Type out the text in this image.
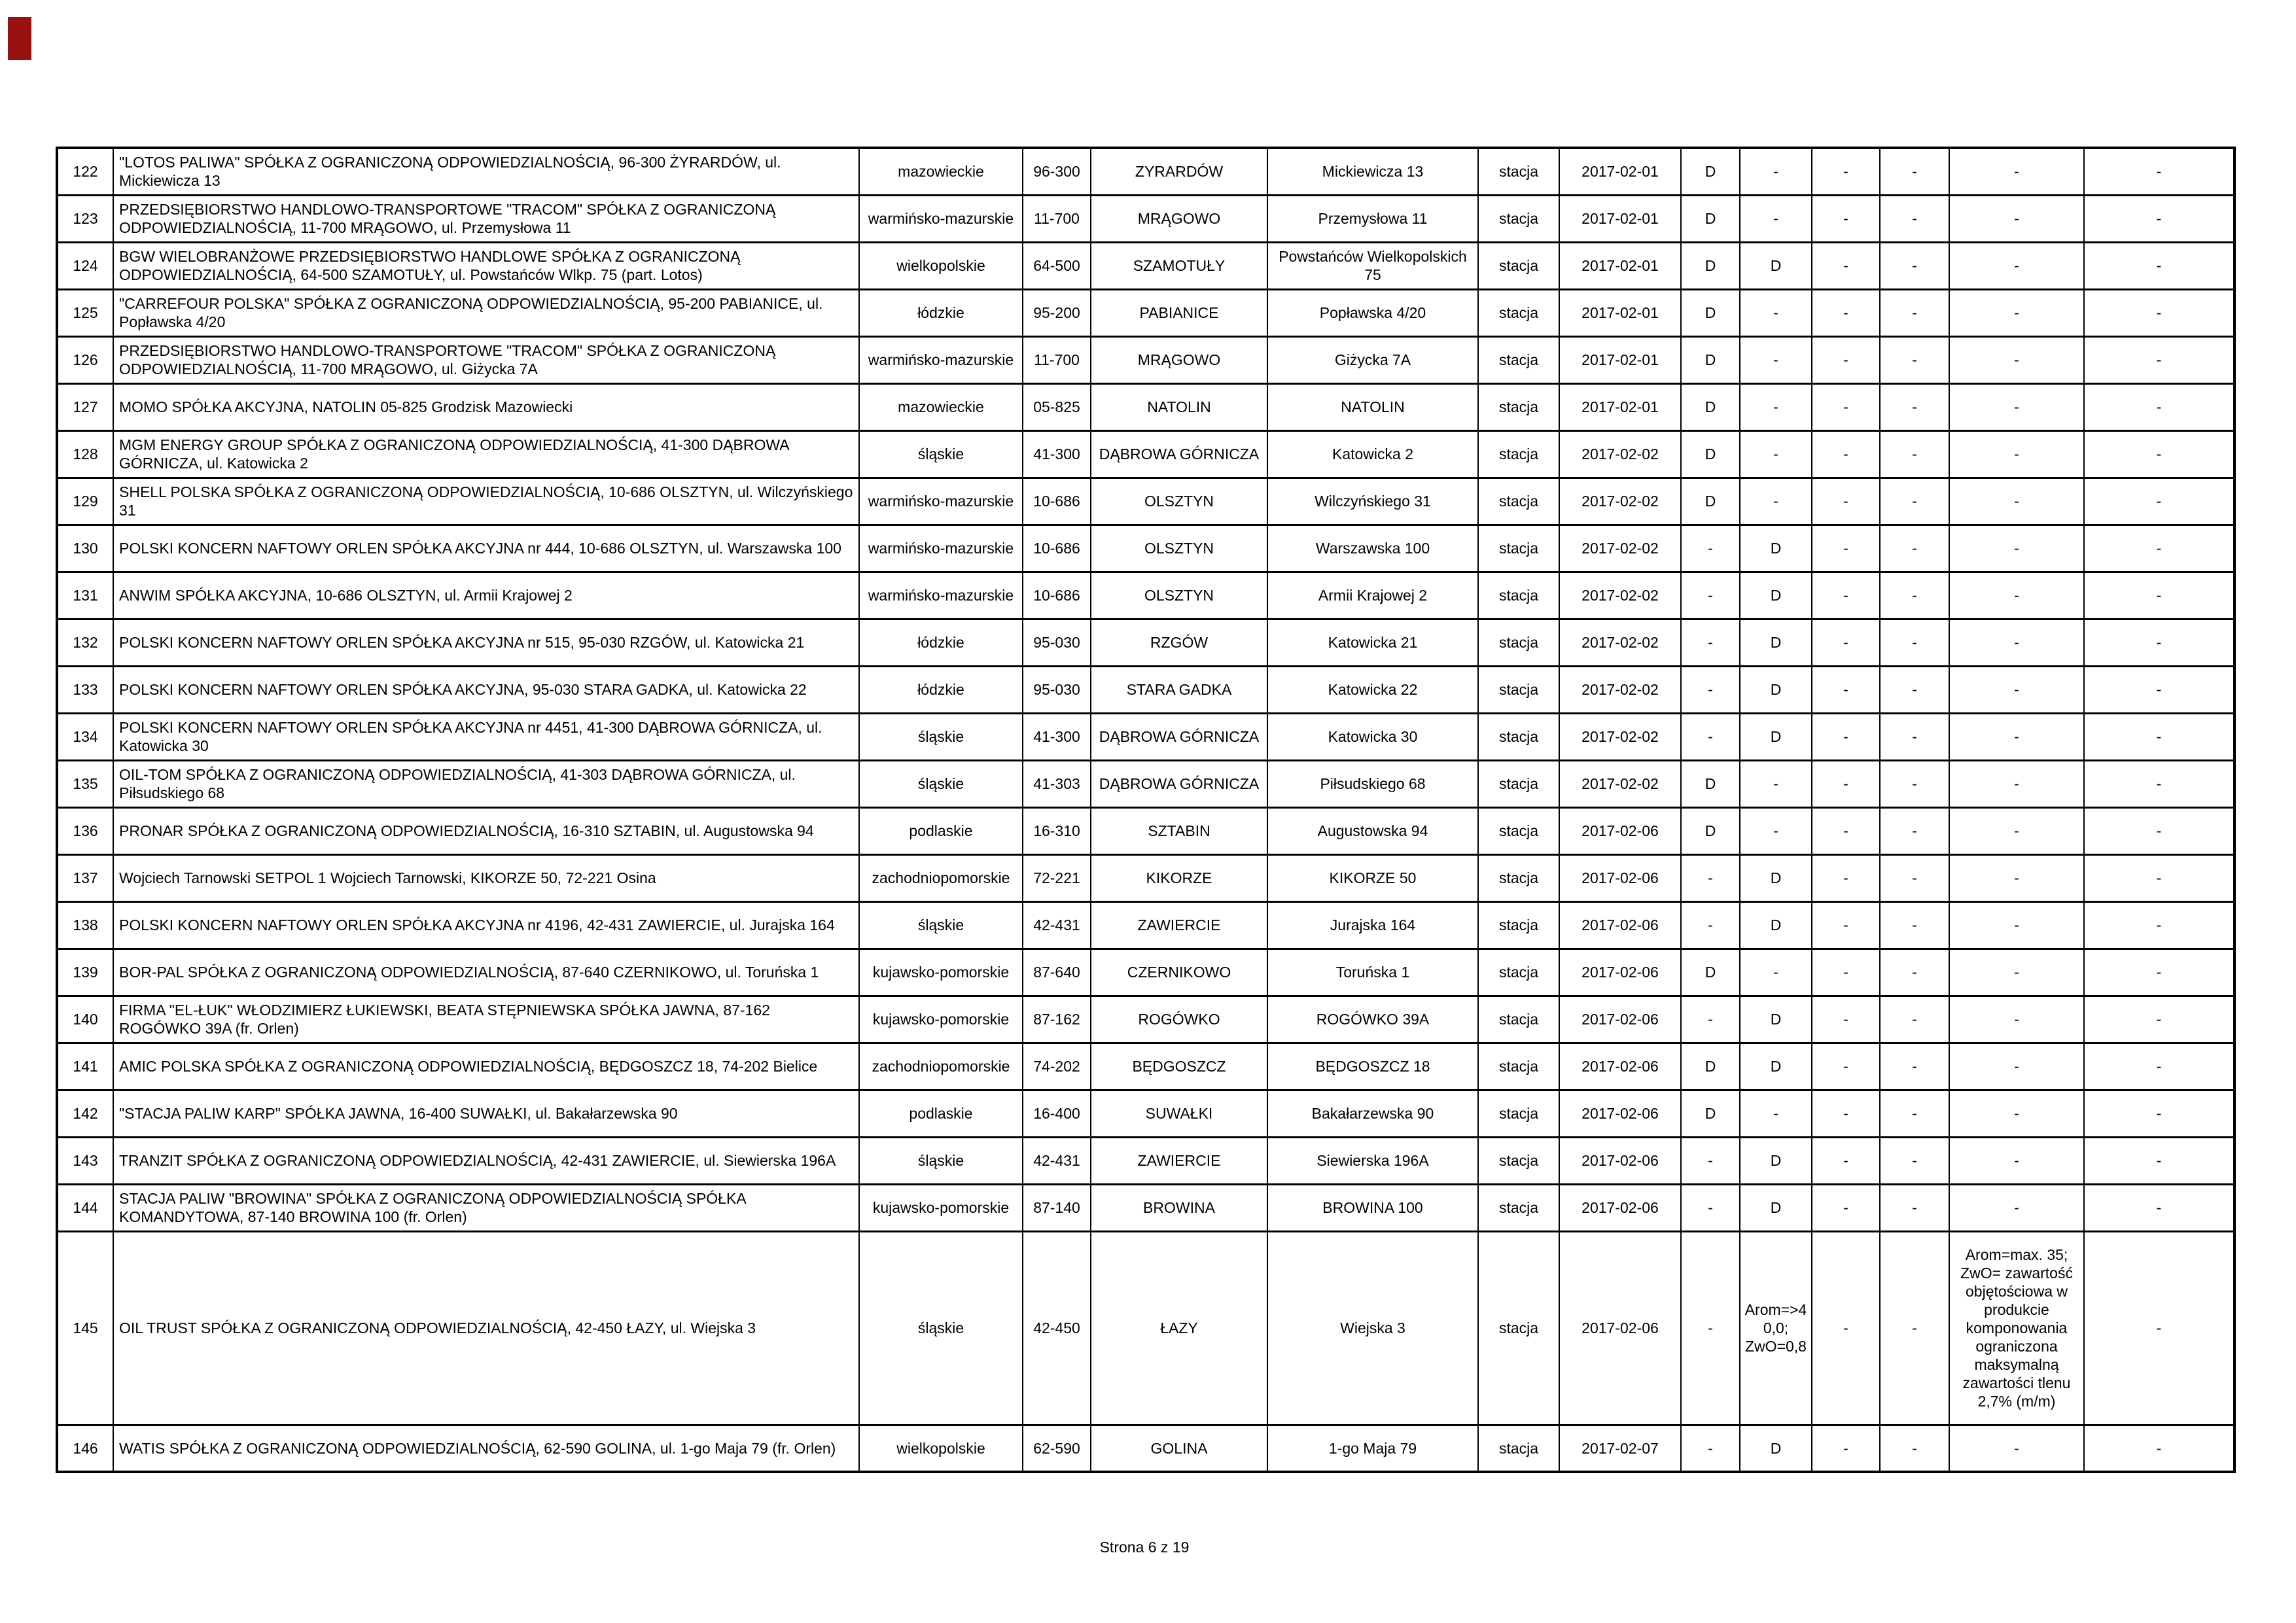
122	"LOTOS PALIWA" SPÓŁKA Z OGRANICZONĄ ODPOWIEDZIALNOŚCIĄ, 96-300 ŻYRARDÓW, ul. Mickiewicza 13	mazowieckie	96-300	ZYRARDÓW	Mickiewicza 13	stacja	2017-02-01	D	-	-	-	-	-
123	PRZEDSIĘBIORSTWO HANDLOWO-TRANSPORTOWE "TRACOM" SPÓŁKA Z OGRANICZONĄ ODPOWIEDZIALNOŚCIĄ, 11-700 MRĄGOWO, ul. Przemysłowa 11	warmińsko-mazurskie	11-700	MRĄGOWO	Przemysłowa 11	stacja	2017-02-01	D	-	-	-	-	-
124	BGW WIELOBRANŻOWE PRZEDSIĘBIORSTWO HANDLOWE SPÓŁKA Z OGRANICZONĄ ODPOWIEDZIALNOŚCIĄ, 64-500 SZAMOTUŁY, ul. Powstańców Wlkp. 75 (part. Lotos)	wielkopolskie	64-500	SZAMOTUŁY	Powstańców Wielkopolskich 75	stacja	2017-02-01	D	D	-	-	-	-
125	"CARREFOUR POLSKA" SPÓŁKA Z OGRANICZONĄ ODPOWIEDZIALNOŚCIĄ, 95-200 PABIANICE, ul. Popławska 4/20	łódzkie	95-200	PABIANICE	Popławska 4/20	stacja	2017-02-01	D	-	-	-	-	-
126	PRZEDSIĘBIORSTWO HANDLOWO-TRANSPORTOWE "TRACOM" SPÓŁKA Z OGRANICZONĄ ODPOWIEDZIALNOŚCIĄ, 11-700 MRĄGOWO, ul. Giżycka 7A	warmińsko-mazurskie	11-700	MRĄGOWO	Giżycka 7A	stacja	2017-02-01	D	-	-	-	-	-
127	MOMO SPÓŁKA AKCYJNA, NATOLIN 05-825 Grodzisk Mazowiecki	mazowieckie	05-825	NATOLIN	NATOLIN	stacja	2017-02-01	D	-	-	-	-	-
128	MGM ENERGY GROUP SPÓŁKA Z OGRANICZONĄ ODPOWIEDZIALNOŚCIĄ, 41-300 DĄBROWA GÓRNICZA, ul. Katowicka 2	śląskie	41-300	DĄBROWA GÓRNICZA	Katowicka 2	stacja	2017-02-02	D	-	-	-	-	-
129	SHELL POLSKA SPÓŁKA Z OGRANICZONĄ ODPOWIEDZIALNOŚCIĄ, 10-686 OLSZTYN, ul. Wilczyńskiego 31	warmińsko-mazurskie	10-686	OLSZTYN	Wilczyńskiego 31	stacja	2017-02-02	D	-	-	-	-	-
130	POLSKI KONCERN NAFTOWY ORLEN SPÓŁKA AKCYJNA nr 444, 10-686 OLSZTYN, ul. Warszawska 100	warmińsko-mazurskie	10-686	OLSZTYN	Warszawska 100	stacja	2017-02-02	-	D	-	-	-	-
131	ANWIM SPÓŁKA AKCYJNA, 10-686 OLSZTYN, ul. Armii Krajowej 2	warmińsko-mazurskie	10-686	OLSZTYN	Armii Krajowej 2	stacja	2017-02-02	-	D	-	-	-	-
132	POLSKI KONCERN NAFTOWY ORLEN SPÓŁKA AKCYJNA nr 515, 95-030 RZGÓW, ul. Katowicka 21	łódzkie	95-030	RZGÓW	Katowicka 21	stacja	2017-02-02	-	D	-	-	-	-
133	POLSKI KONCERN NAFTOWY ORLEN SPÓŁKA AKCYJNA, 95-030 STARA GADKA, ul. Katowicka 22	łódzkie	95-030	STARA GADKA	Katowicka 22	stacja	2017-02-02	-	D	-	-	-	-
134	POLSKI KONCERN NAFTOWY ORLEN SPÓŁKA AKCYJNA nr 4451, 41-300 DĄBROWA GÓRNICZA, ul. Katowicka 30	śląskie	41-300	DĄBROWA GÓRNICZA	Katowicka 30	stacja	2017-02-02	-	D	-	-	-	-
135	OIL-TOM SPÓŁKA Z OGRANICZONĄ ODPOWIEDZIALNOŚCIĄ, 41-303 DĄBROWA GÓRNICZA, ul. Piłsudskiego 68	śląskie	41-303	DĄBROWA GÓRNICZA	Piłsudskiego 68	stacja	2017-02-02	D	-	-	-	-	-
136	PRONAR SPÓŁKA Z OGRANICZONĄ ODPOWIEDZIALNOŚCIĄ, 16-310 SZTABIN, ul. Augustowska 94	podlaskie	16-310	SZTABIN	Augustowska 94	stacja	2017-02-06	D	-	-	-	-	-
137	Wojciech Tarnowski SETPOL 1 Wojciech Tarnowski, KIKORZE 50, 72-221 Osina	zachodniopomorskie	72-221	KIKORZE	KIKORZE 50	stacja	2017-02-06	-	D	-	-	-	-
138	POLSKI KONCERN NAFTOWY ORLEN SPÓŁKA AKCYJNA nr 4196, 42-431 ZAWIERCIE, ul. Jurajska 164	śląskie	42-431	ZAWIERCIE	Jurajska 164	stacja	2017-02-06	-	D	-	-	-	-
139	BOR-PAL SPÓŁKA Z OGRANICZONĄ ODPOWIEDZIALNOŚCIĄ, 87-640 CZERNIKOWO, ul. Toruńska 1	kujawsko-pomorskie	87-640	CZERNIKOWO	Toruńska 1	stacja	2017-02-06	D	-	-	-	-	-
140	FIRMA "EL-ŁUK" WŁODZIMIERZ ŁUKIEWSKI, BEATA STĘPNIEWSKA SPÓŁKA JAWNA, 87-162 ROGÓWKO 39A (fr. Orlen)	kujawsko-pomorskie	87-162	ROGÓWKO	ROGÓWKO 39A	stacja	2017-02-06	-	D	-	-	-	-
141	AMIC POLSKA SPÓŁKA Z OGRANICZONĄ ODPOWIEDZIALNOŚCIĄ, BĘDGOSZCZ 18, 74-202 Bielice	zachodniopomorskie	74-202	BĘDGOSZCZ	BĘDGOSZCZ 18	stacja	2017-02-06	D	D	-	-	-	-
142	"STACJA PALIW KARP" SPÓŁKA JAWNA, 16-400 SUWAŁKI, ul. Bakałarzewska 90	podlaskie	16-400	SUWAŁKI	Bakałarzewska 90	stacja	2017-02-06	D	-	-	-	-	-
143	TRANZIT SPÓŁKA Z OGRANICZONĄ ODPOWIEDZIALNOŚCIĄ, 42-431 ZAWIERCIE, ul. Siewierska 196A	śląskie	42-431	ZAWIERCIE	Siewierska 196A	stacja	2017-02-06	-	D	-	-	-	-
144	STACJA PALIW "BROWINA" SPÓŁKA Z OGRANICZONĄ ODPOWIEDZIALNOŚCIĄ SPÓŁKA KOMANDYTOWA, 87-140 BROWINA 100 (fr. Orlen)	kujawsko-pomorskie	87-140	BROWINA	BROWINA 100	stacja	2017-02-06	-	D	-	-	-	-
145	OIL TRUST SPÓŁKA Z OGRANICZONĄ ODPOWIEDZIALNOŚCIĄ, 42-450 ŁAZY, ul. Wiejska 3	śląskie	42-450	ŁAZY	Wiejska 3	stacja	2017-02-06	-	Arom=>40,0; ZwO=0,8	-	-	Arom=max. 35; ZwO= zawartość objętościowa w produkcie komponowania ograniczona maksymalną zawartości tlenu 2,7% (m/m)	-
146	WATIS SPÓŁKA Z OGRANICZONĄ ODPOWIEDZIALNOŚCIĄ, 62-590 GOLINA, ul. 1-go Maja 79 (fr. Orlen)	wielkopolskie	62-590	GOLINA	1-go Maja 79	stacja	2017-02-07	-	D	-	-	-	-
Strona 6 z 19
